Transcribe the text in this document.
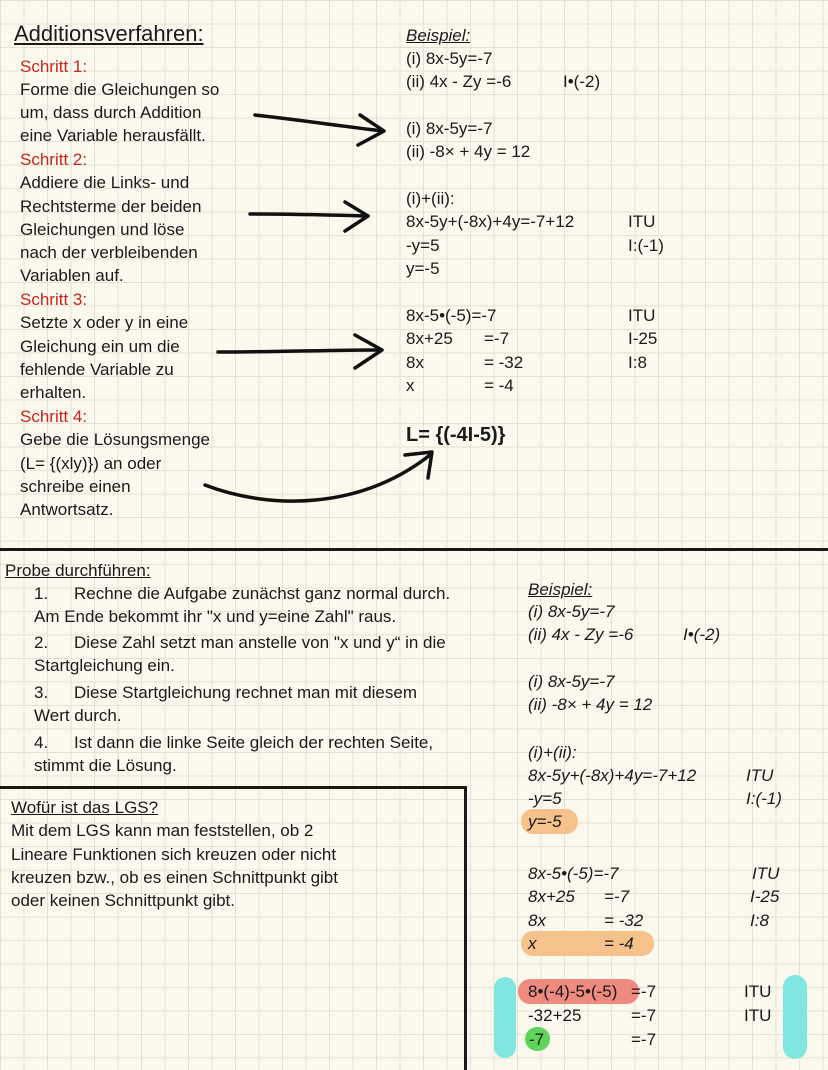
Additionsverfahren:
Schritt 1:
Forme die Gleichungen so
um, dass durch Addition
eine Variable herausfällt.
Schritt 2:
Addiere die Links- und
Rechtsterme der beiden
Gleichungen und löse
nach der verbleibenden
Variablen auf.
Schritt 3:
Setzte x oder y in eine
Gleichung ein um die
fehlende Variable zu
erhalten.
Schritt 4:
Gebe die Lösungsmenge
(L= {(xly)}) an oder
schreibe einen
Antwortsatz.
Beispiel:
(i) 8x-5y=-7
(ii) 4x - Zy =-6	I•(-2)
(i) 8x-5y=-7
(ii) -8× + 4y = 12
(i)+(ii):
8x-5y+(-8x)+4y=-7+12	ITU
-y=5	I:(-1)
y=-5
8x-5•(-5)=-7	ITU
8x+25 =-7	I-25
8x	= -32	I:8
x	= -4
L= {(-4I-5)}
Probe durchführen:
1. Rechne die Aufgabe zunächst ganz normal durch.
Am Ende bekommt ihr "x und y=eine Zahl" raus.
2. Diese Zahl setzt man anstelle von "x und y“ in die
Startgleichung ein.
3. Diese Startgleichung rechnet man mit diesem
Wert durch.
4. Ist dann die linke Seite gleich der rechten Seite,
stimmt die Lösung.
Wofür ist das LGS?
Mit dem LGS kann man feststellen, ob 2
Lineare Funktionen sich kreuzen oder nicht
kreuzen bzw., ob es einen Schnittpunkt gibt
oder keinen Schnittpunkt gibt.
Beispiel:
(i) 8x-5y=-7
(ii) 4x - Zy =-6	I•(-2)
(i) 8x-5y=-7
(ii) -8× + 4y = 12
(i)+(ii):
8x-5y+(-8x)+4y=-7+12	ITU
-y=5	I:(-1)
y=-5
8x-5•(-5)=-7	ITU
8x+25 =-7	I-25
8x	= -32	I:8
x	= -4
8•(-4)-5•(-5) =-7	ITU
-32+25	=-7	ITU
-7	=-7
